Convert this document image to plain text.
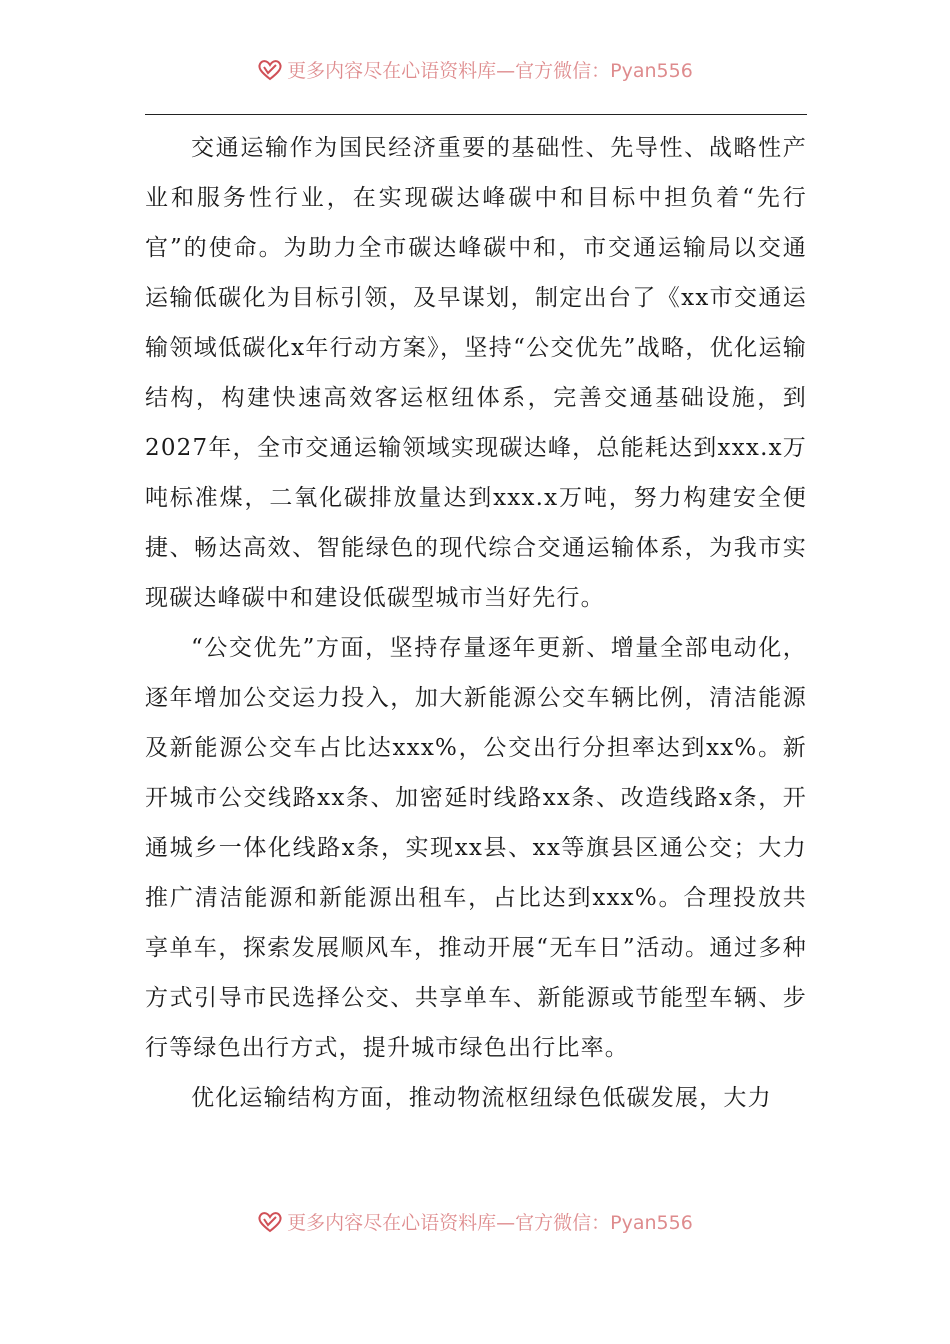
更多内容尽在心语资料库—官方微信：Pyan556

交通运输作为国民经济重要的基础性、先导性、战略性产业和服务性行业，在实现碳达峰碳中和目标中担负着“先行官”的使命。为助力全市碳达峰碳中和，市交通运输局以交通运输低碳化为目标引领，及早谋划，制定出台了《xx市交通运输领域低碳化x年行动方案》，坚持“公交优先”战略，优化运输结构，构建快速高效客运枢纽体系，完善交通基础设施，到2027年，全市交通运输领域实现碳达峰，总能耗达到xxx.x万吨标准煤，二氧化碳排放量达到xxx.x万吨，努力构建安全便捷、畅达高效、智能绿色的现代综合交通运输体系，为我市实现碳达峰碳中和建设低碳型城市当好先行。

“公交优先”方面，坚持存量逐年更新、增量全部电动化，逐年增加公交运力投入，加大新能源公交车辆比例，清洁能源及新能源公交车占比达xxx%，公交出行分担率达到xx%。新开城市公交线路xx条、加密延时线路xx条、改造线路x条，开通城乡一体化线路x条，实现xx县、xx等旗县区通公交；大力推广清洁能源和新能源出租车，占比达到xxx%。合理投放共享单车，探索发展顺风车，推动开展“无车日”活动。通过多种方式引导市民选择公交、共享单车、新能源或节能型车辆、步行等绿色出行方式，提升城市绿色出行比率。

优化运输结构方面，推动物流枢纽绿色低碳发展，大力

更多内容尽在心语资料库—官方微信：Pyan556
